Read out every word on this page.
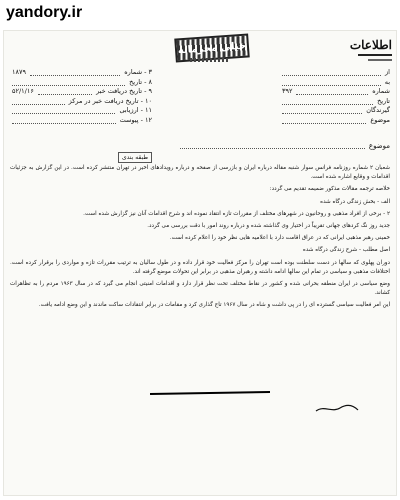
yandory.ir
خیلی محرمانه	اطلاعات
۳ - شماره
۱۸۷۹
۸ - تاریخ
۹ - تاریخ دریافت خبر
۵۲/۱/۱۶
۱۰ - تاریخ دریافت خبر در مرکز
۱۱ - ارزیابی
۱۲ - پیوست
از
به
شماره
۳۹۲
تاریخ
گیرندگان
موضوع
موضوع
طبقه بندی

شعبان ۲ شماره روزنامه فرانس سوار شنبه مقاله درباره ایران و بازرسی از صفحه و درباره رویدادهای اخیر در تهران منتشر کرده است. در این گزارش به جزئیات اقدامات و وقایع اشاره شده است.

خلاصه ترجمه مقالات مذکور ضمیمه تقدیم می گردد:

الف - بخش زندگی درگاه شده

۲ - برخی از افراد مذهبی و روحانیون در شهرهای مختلف از مقررات تازه انتقاد نموده اند و شرح اقدامات آنان نیز گزارش شده است.

جدید روز نگ کردهای جهانی تقریباً در اختیار وی گذاشته شده و درباره روند امور با دقت بررسی می گردد.

خمینی رهبر مذهبی ایرانی که در عراق اقامت دارد با اعلامیه هایی نظر خود را اعلام کرده است.

اصل مطلب - شرح زندگی درگاه شده

دوران پهلوی که سالها در دست سلطنت بوده است تهران را مرکز فعالیت خود قرار داده و در طول سالیان به ترتیب مقررات تازه و مواردی را برقرار کرده است. اختلافات مذهبی و سیاسی در تمام این سالها ادامه داشته و رهبران مذهبی در برابر این تحولات موضع گرفته اند.

وضع سیاسی در ایران منطقه بحرانی شده و کشور در نقاط مختلف تحت نظر قرار دارد و اقدامات امنیتی انجام می گیرد که در سال ۱۹۶۳ مردم را به تظاهرات کشاند.

این امر فعالیت سیاسی گسترده ای را در پی داشت و شاه در سال ۱۹۶۷ تاج گذاری کرد و مقامات در برابر انتقادات ساکت ماندند و این وضع ادامه یافت.
